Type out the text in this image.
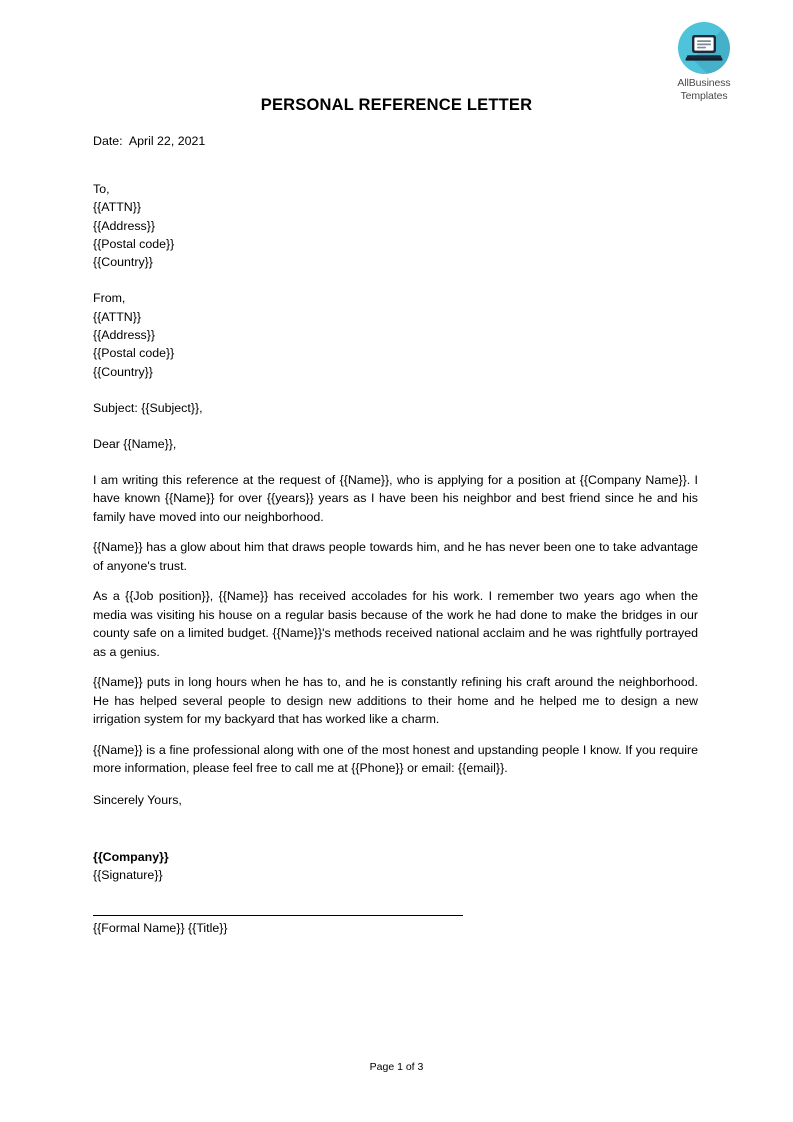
AllBusiness
Templates
PERSONAL REFERENCE LETTER
Date:  April 22, 2021
To,
{{ATTN}}
{{Address}}
{{Postal code}}
{{Country}}
From,
{{ATTN}}
{{Address}}
{{Postal code}}
{{Country}}
Subject: {{Subject}},
Dear {{Name}},

I am writing this reference at the request of {{Name}}, who is applying for a position at {{Company Name}}. I have known {{Name}} for over {{years}} years as I have been his neighbor and best friend since he and his family have moved into our neighborhood.

{{Name}} has a glow about him that draws people towards him, and he has never been one to take advantage of anyone's trust.

As a {{Job position}}, {{Name}} has received accolades for his work. I remember two years ago when the media was visiting his house on a regular basis because of the work he had done to make the bridges in our county safe on a limited budget. {{Name}}'s methods received national acclaim and he was rightfully portrayed as a genius.

{{Name}} puts in long hours when he has to, and he is constantly refining his craft around the neighborhood. He has helped several people to design new additions to their home and he helped me to design a new irrigation system for my backyard that has worked like a charm.

{{Name}} is a fine professional along with one of the most honest and upstanding people I know. If you require more information, please feel free to call me at {{Phone}} or email: {{email}}.

Sincerely Yours,
{{Company}}
{{Signature}}
{{Formal Name}} {{Title}}
Page 1 of 3
